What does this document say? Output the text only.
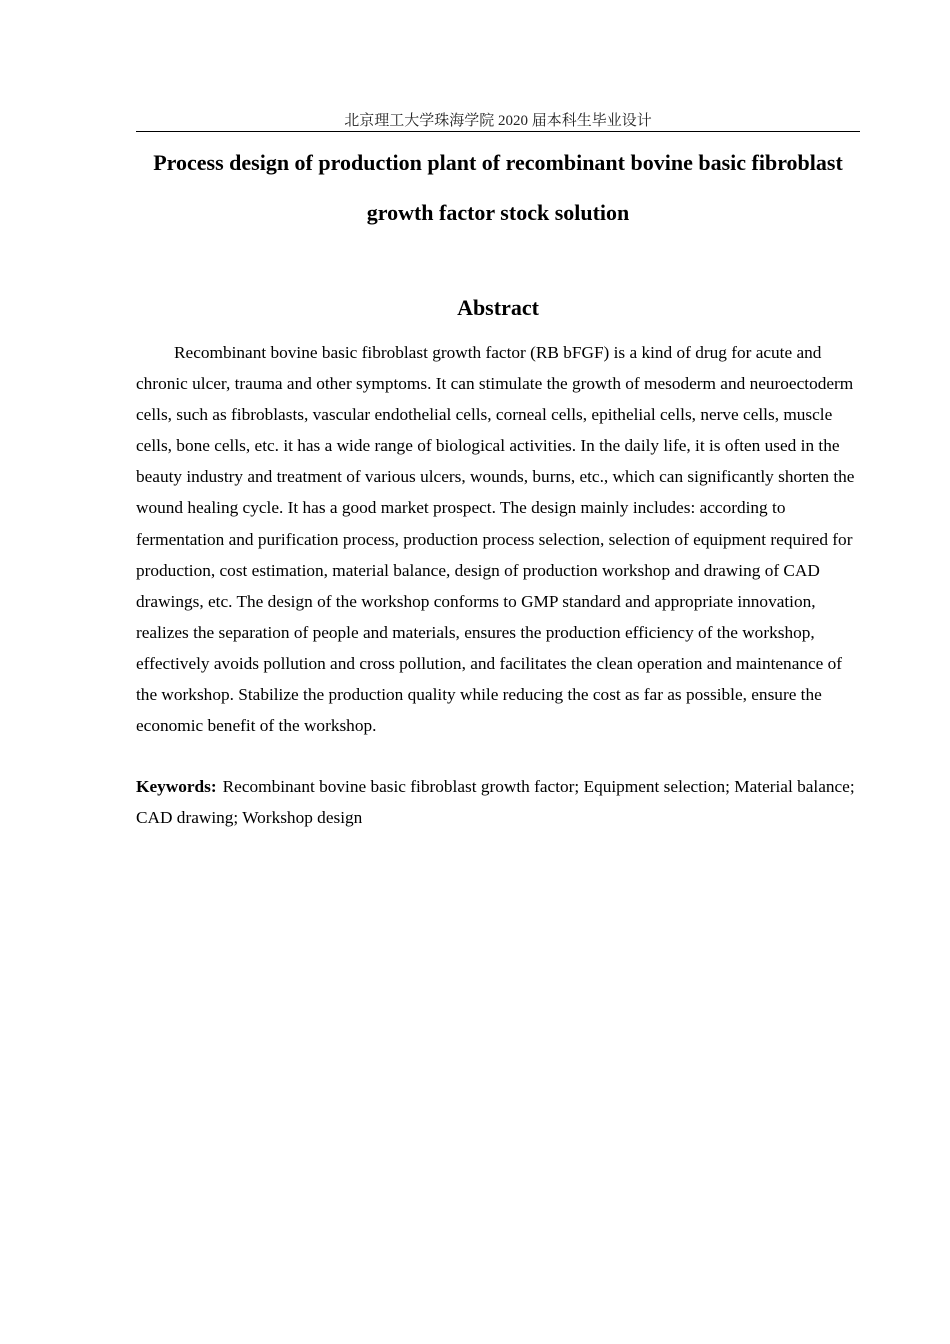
北京理工大学珠海学院 2020 届本科生毕业设计
Process design of production plant of recombinant bovine basic fibroblast growth factor stock solution
Abstract

Recombinant bovine basic fibroblast growth factor (RB bFGF) is a kind of drug for acute and chronic ulcer, trauma and other symptoms. It can stimulate the growth of mesoderm and neuroectoderm cells, such as fibroblasts, vascular endothelial cells, corneal cells, epithelial cells, nerve cells, muscle cells, bone cells, etc. it has a wide range of biological activities. In the daily life, it is often used in the beauty industry and treatment of various ulcers, wounds, burns, etc., which can significantly shorten the wound healing cycle. It has a good market prospect. The design mainly includes: according to fermentation and purification process, production process selection, selection of equipment required for production, cost estimation, material balance, design of production workshop and drawing of CAD drawings, etc. The design of the workshop conforms to GMP standard and appropriate innovation, realizes the separation of people and materials, ensures the production efficiency of the workshop, effectively avoids pollution and cross pollution, and facilitates the clean operation and maintenance of the workshop. Stabilize the production quality while reducing the cost as far as possible, ensure the economic benefit of the workshop.

Keywords: Recombinant bovine basic fibroblast growth factor; Equipment selection; Material balance; CAD drawing; Workshop design
